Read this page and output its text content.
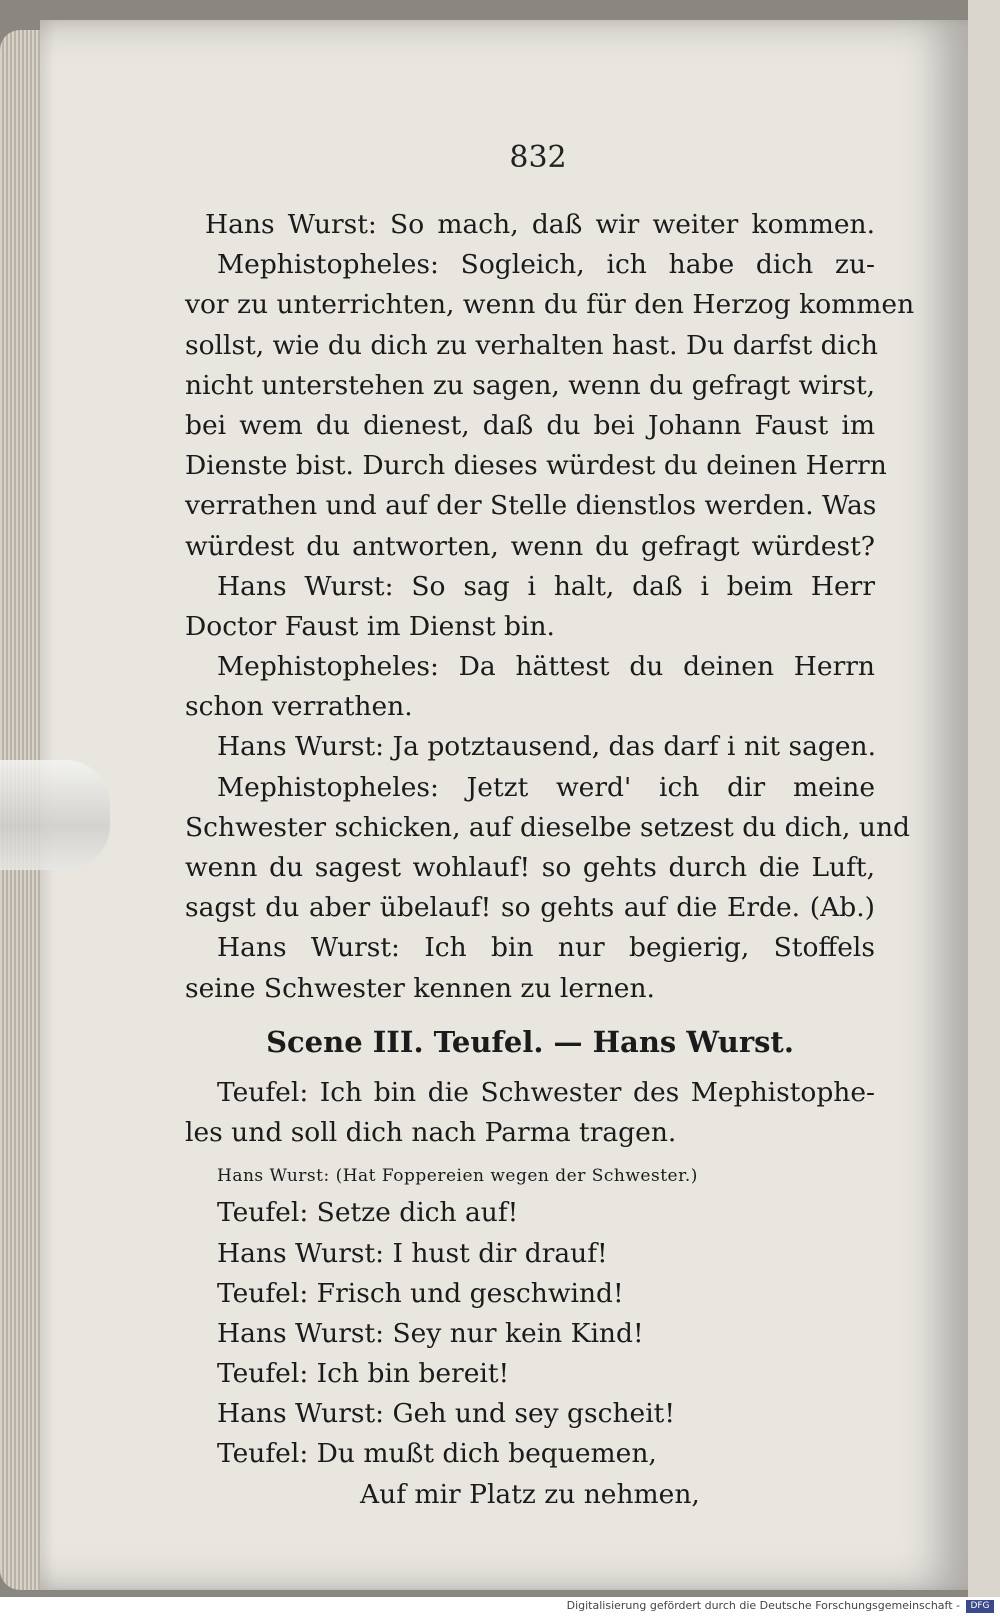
832
Hans Wurst: So mach, daß wir weiter kommen.
Mephistopheles: Sogleich, ich habe dich zu-
vor zu unterrichten, wenn du für den Herzog kommen
sollst, wie du dich zu verhalten hast. Du darfst dich
nicht unterstehen zu sagen, wenn du gefragt wirst,
bei wem du dienest, daß du bei Johann Faust im
Dienste bist. Durch dieses würdest du deinen Herrn
verrathen und auf der Stelle dienstlos werden. Was
würdest du antworten, wenn du gefragt würdest?
Hans Wurst: So sag i halt, daß i beim Herr
Doctor Faust im Dienst bin.
Mephistopheles: Da hättest du deinen Herrn
schon verrathen.
Hans Wurst: Ja potztausend, das darf i nit sagen.
Mephistopheles: Jetzt werd' ich dir meine
Schwester schicken, auf dieselbe setzest du dich, und
wenn du sagest wohlauf! so gehts durch die Luft,
sagst du aber übelauf! so gehts auf die Erde. (Ab.)
Hans Wurst: Ich bin nur begierig, Stoffels
seine Schwester kennen zu lernen.
Scene III. Teufel. — Hans Wurst.
Teufel: Ich bin die Schwester des Mephistophe-
les und soll dich nach Parma tragen.
Hans Wurst: (Hat Foppereien wegen der Schwester.)
Teufel: Setze dich auf!
Hans Wurst: I hust dir drauf!
Teufel: Frisch und geschwind!
Hans Wurst: Sey nur kein Kind!
Teufel: Ich bin bereit!
Hans Wurst: Geh und sey gscheit!
Teufel: Du mußt dich bequemen,
Auf mir Platz zu nehmen,
Digitalisierung gefördert durch die Deutsche Forschungsgemeinschaft -	DFG
